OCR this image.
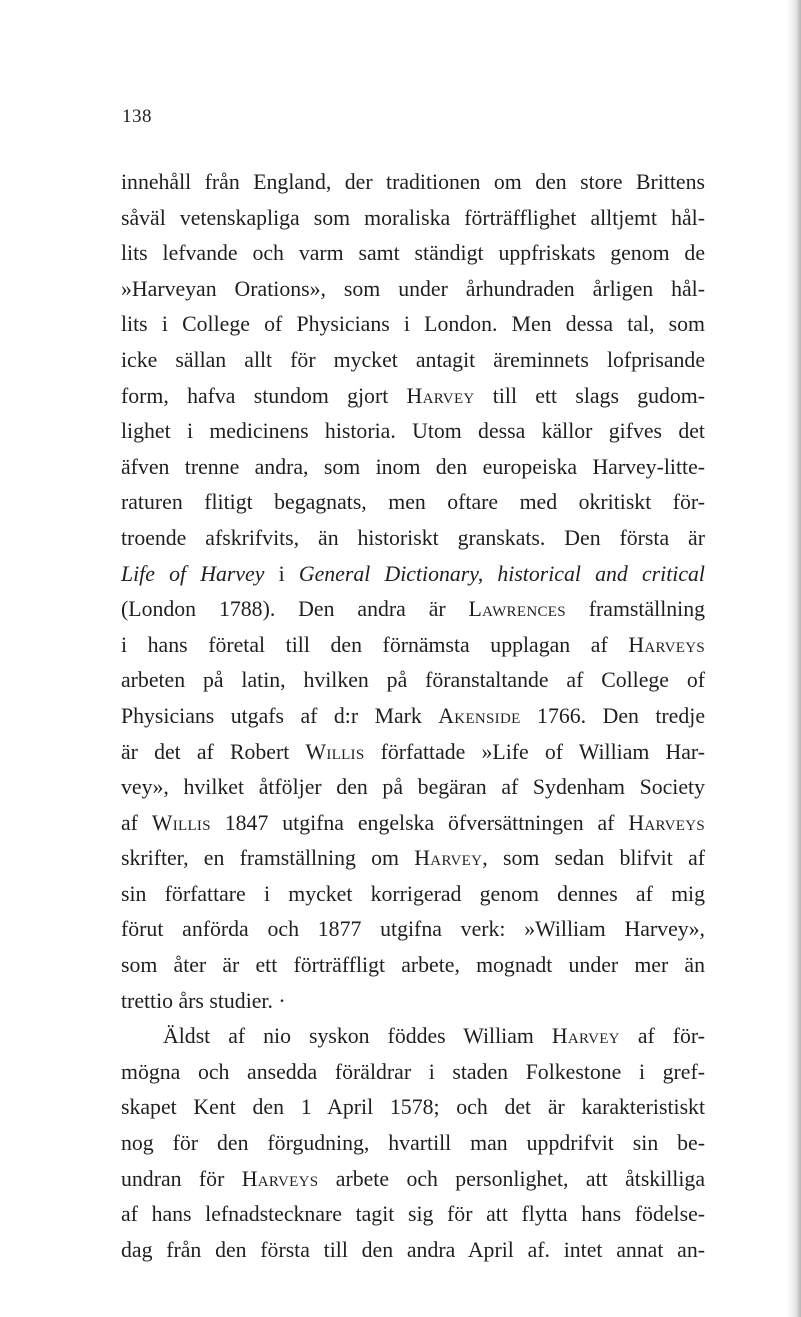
138
innehåll från England, der traditionen om den store Brittens
såväl vetenskapliga som moraliska förträfflighet alltjemt hål-
lits lefvande och varm samt ständigt uppfriskats genom de
»Harveyan Orations», som under århundraden årligen hål-
lits i College of Physicians i London. Men dessa tal, som
icke sällan allt för mycket antagit äreminnets lofprisande
form, hafva stundom gjort Harvey till ett slags gudom-
lighet i medicinens historia. Utom dessa källor gifves det
äfven trenne andra, som inom den europeiska Harvey-litte-
raturen flitigt begagnats, men oftare med okritiskt för-
troende afskrifvits, än historiskt granskats. Den första är
Life of Harvey i General Dictionary, historical and critical
(London 1788). Den andra är Lawrences framställning
i hans företal till den förnämsta upplagan af Harveys
arbeten på latin, hvilken på föranstaltande af College of
Physicians utgafs af d:r Mark Akenside 1766. Den tredje
är det af Robert Willis författade »Life of William Har-
vey», hvilket åtföljer den på begäran af Sydenham Society
af Willis 1847 utgifna engelska öfversättningen af Harveys
skrifter, en framställning om Harvey, som sedan blifvit af
sin författare i mycket korrigerad genom dennes af mig
förut anförda och 1877 utgifna verk: »William Harvey»,
som åter är ett förträffligt arbete, mognadt under mer än
trettio års studier. ·
Äldst af nio syskon föddes William Harvey af för-
mögna och ansedda föräldrar i staden Folkestone i gref-
skapet Kent den 1 April 1578; och det är karakteristiskt
nog för den förgudning, hvartill man uppdrifvit sin be-
undran för Harveys arbete och personlighet, att åtskilliga
af hans lefnadstecknare tagit sig för att flytta hans födelse-
dag från den första till den andra April af. intet annat an-
